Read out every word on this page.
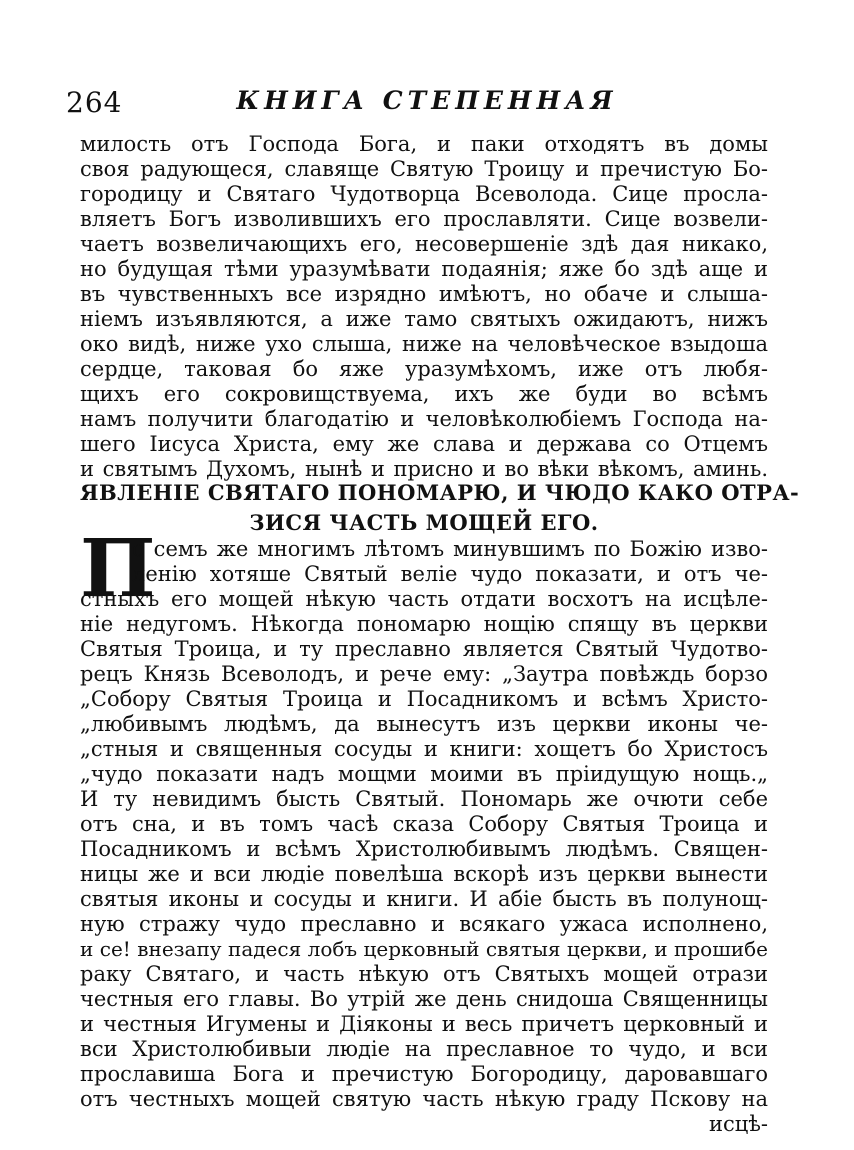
264	КНИГА СТЕПЕННАЯ
милость отъ Господа Бога, и паки отходятъ въ домы
своя радующеся, славяще Святую Троицу и пречистую Бо-
городицу и Святаго Чудотворца Всеволода. Сице просла-
вляетъ Богъ изволившихъ его прославляти. Сице возвели-
чаетъ возвеличающихъ его, несовершенiе здѣ дая никако,
но будущая тѣми уразумѣвати подаянiя; яже бо здѣ аще и
въ чувственныхъ все изрядно имѣютъ, но обаче и слыша-
нiемъ изъявляются, а иже тамо святыхъ ожидаютъ, нижъ
око видѣ, ниже ухо слыша, ниже на человѣческое взыдоша
сердце, таковая бо яже уразумѣхомъ, иже отъ любя-
щихъ его сокровищствуема, ихъ же буди во всѣмъ
намъ получити благодатiю и человѣколюбiемъ Господа на-
шего Iисуса Христа, ему же слава и держава со Отцемъ
и святымъ Духомъ, нынѣ и присно и во вѣки вѣкомъ, аминь.
ЯВЛЕНIЕ СВЯТАГО ПОНОМАРЮ, И ЧЮДО КАКО ОТРА-
ЗИСЯ ЧАСТЬ МОЩЕЙ ЕГО.
П
о семъ же многимъ лѣтомъ минувшимъ по Божiю изво-
ленiю хотяше Святый велiе чудо показати, и отъ че-
стныхъ его мощей нѣкую часть отдати восхотъ на исцѣле-
нiе недугомъ. Нѣкогда пономарю нощiю спящу въ церкви
Святыя Троица, и ту преславно является Святый Чудотво-
рецъ Князь Всеволодъ, и рече ему: „Заутра повѣждь борзо
„Собору Святыя Троица и Посадникомъ и всѣмъ Христо-
„любивымъ людѣмъ, да вынесутъ изъ церкви иконы че-
„стныя и священныя сосуды и книги: хощетъ бо Христосъ
„чудо показати надъ мощми моими въ прiидущую нощь.„
И ту невидимъ бысть Святый. Пономарь же очюти себе
отъ сна, и въ томъ часѣ сказа Собору Святыя Троица и
Посадникомъ и всѣмъ Христолюбивымъ людѣмъ. Священ-
ницы же и вси людiе повелѣша вскорѣ изъ церкви вынести
святыя иконы и сосуды и книги. И абiе бысть въ полунощ-
ную стражу чудо преславно и всякаго ужаса исполнено,
и се! внезапу падеся лобъ церковный святыя церкви, и прошибе
раку Святаго, и часть нѣкую отъ Святыхъ мощей отрази
честныя его главы. Во утрiй же день снидоша Священницы
и честныя Игумены и Дiяконы и весь причетъ церковный и
вси Христолюбивыи людiе на преславное то чудо, и вси
прославиша Бога и пречистую Богородицу, даровавшаго
отъ честныхъ мощей святую часть нѣкую граду Пскову на
исцѣ-
